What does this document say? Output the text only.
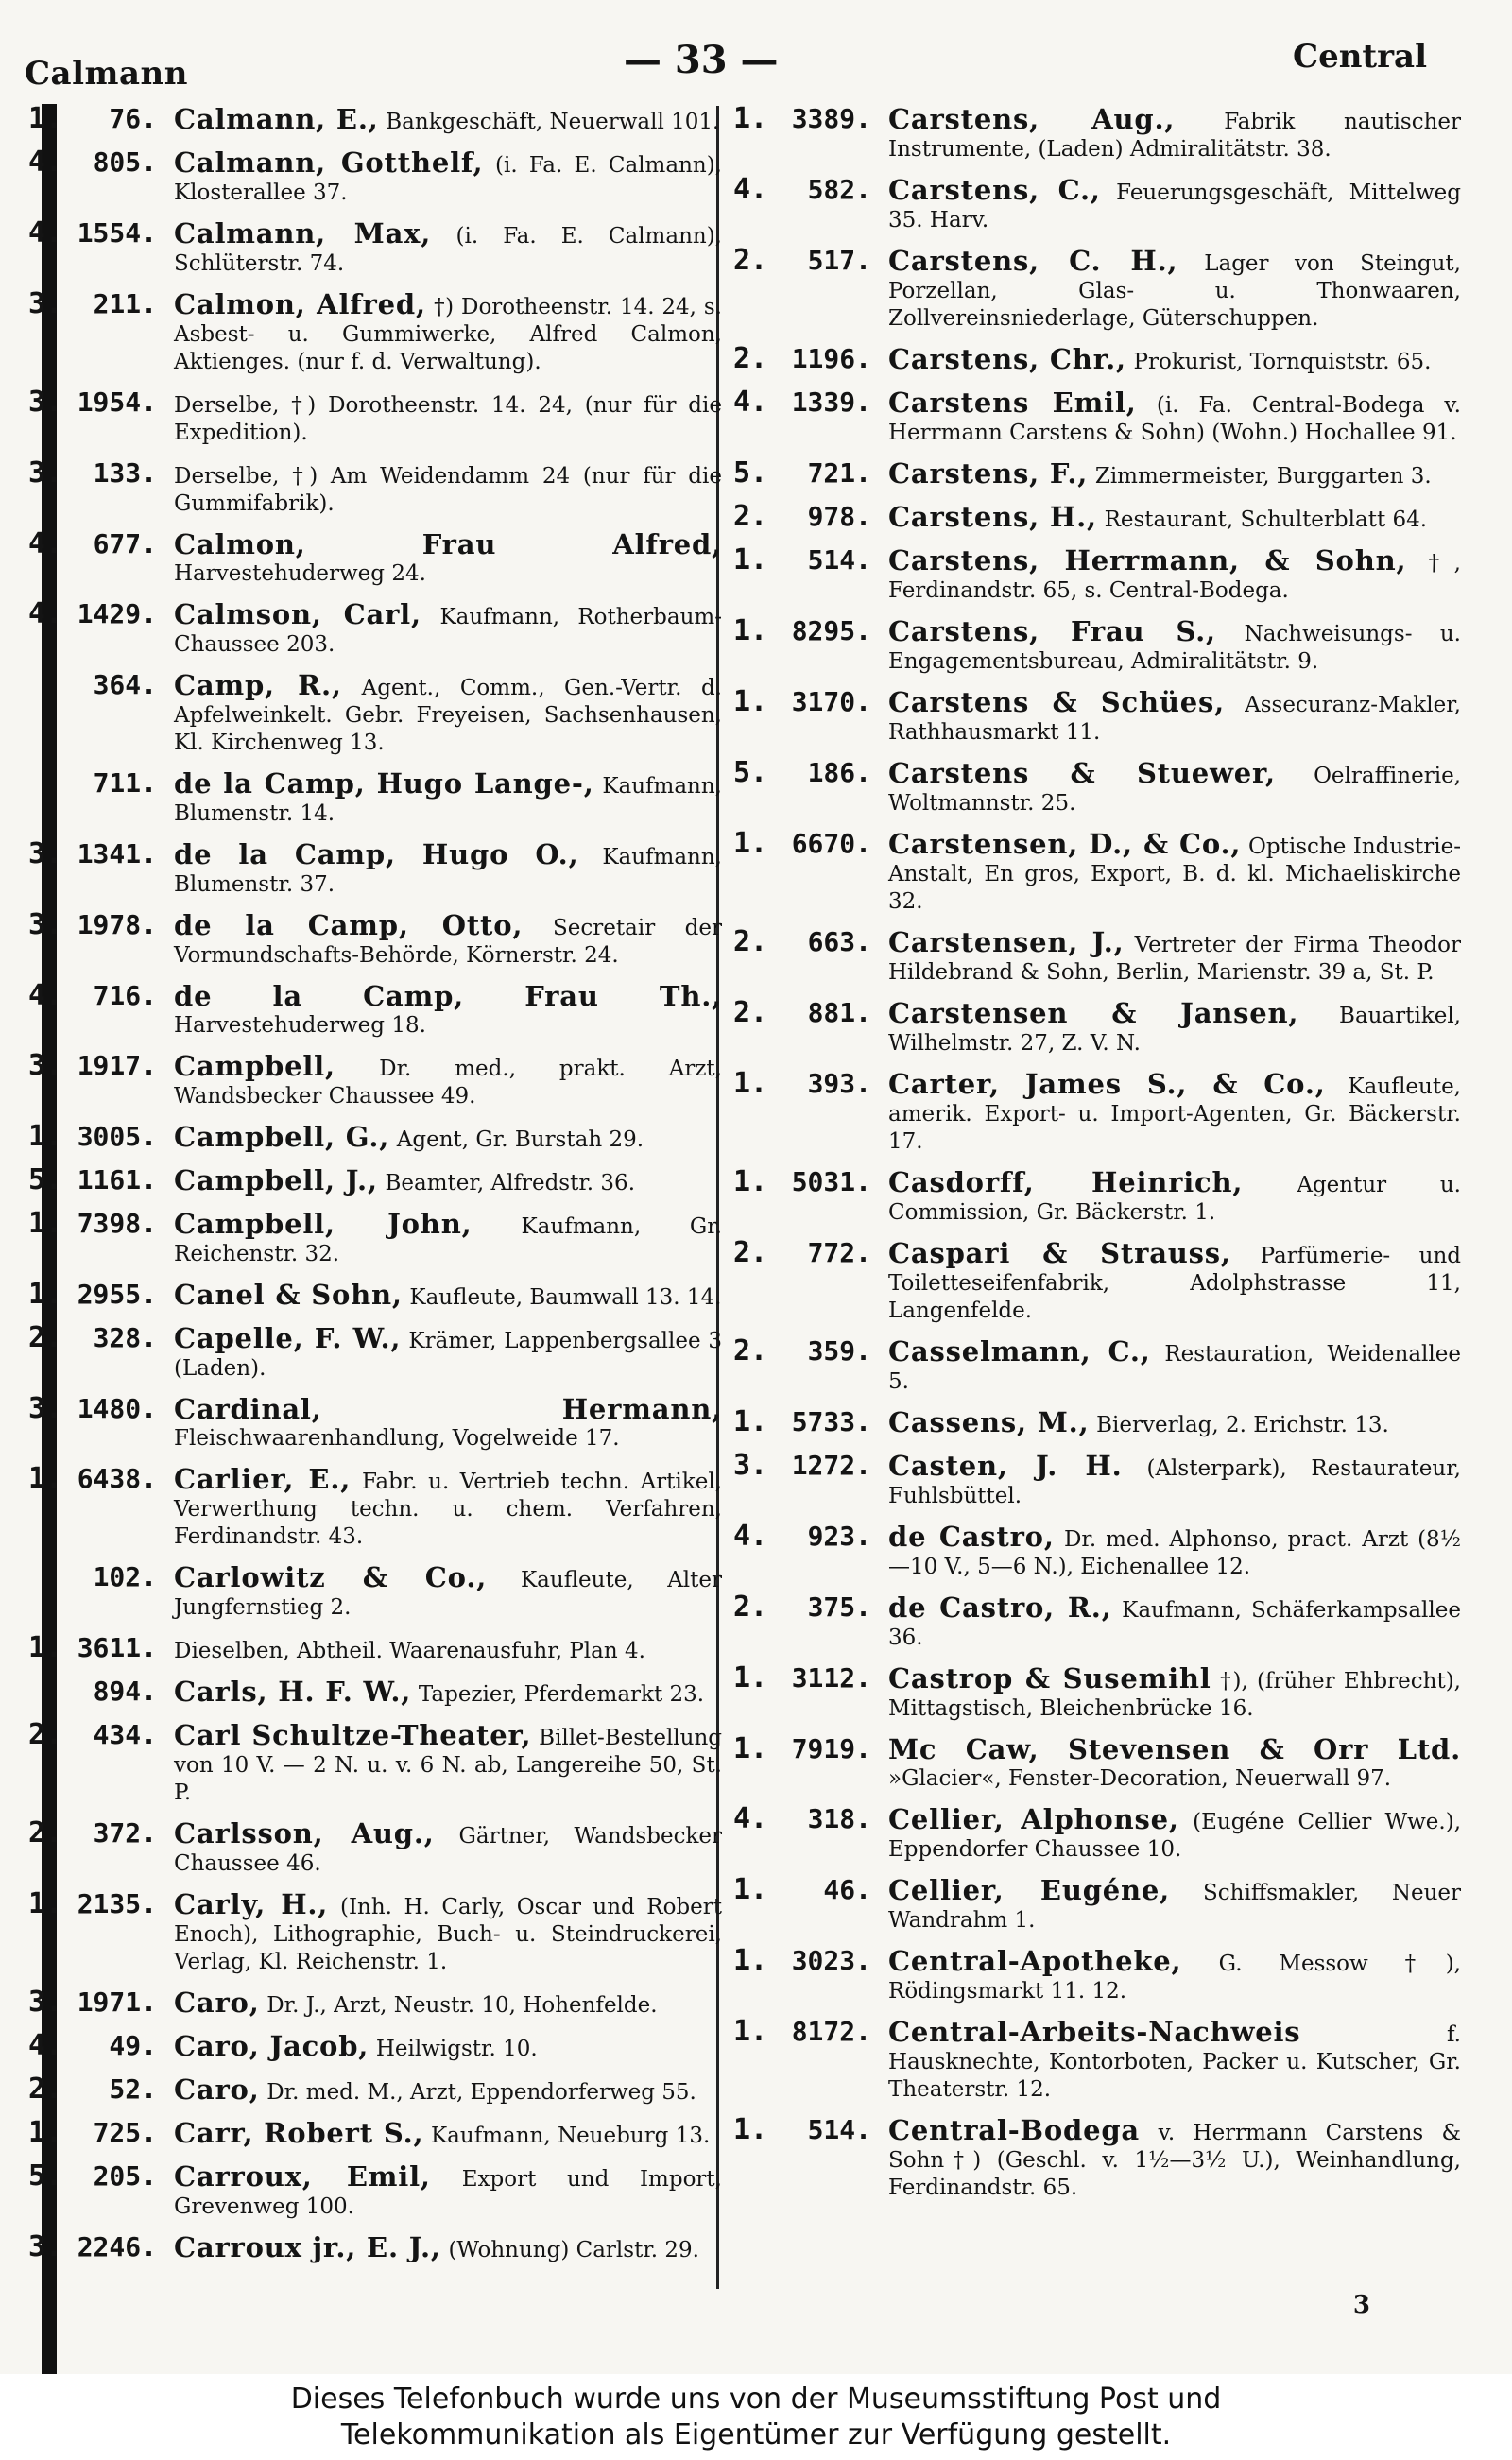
Calmann	— 33 —	Central
1.	76. Calmann, E., Bankgeschäft, Neuerwall 101.
4.	805. Calmann, Gotthelf, (i. Fa. E. Calmann), Klosterallee 37.
4. 1554. Calmann, Max, (i. Fa. E. Calmann), Schlüterstr. 74.
3.	211. Calmon, Alfred, †) Dorotheenstr. 14. 24, s. Asbest- u. Gummiwerke, Alfred Calmon, Aktienges. (nur f. d. Verwaltung).
3. 1954. Derselbe, †) Dorotheenstr. 14. 24, (nur für die Expedition).
3.	133. Derselbe, †) Am Weidendamm 24 (nur für die Gummifabrik).
4.	677. Calmon, Frau Alfred, Harvestehuderweg 24.
4. 1429. Calmson, Carl, Kaufmann, Rotherbaum-Chaussee 203.
364. Camp, R., Agent., Comm., Gen.-Vertr. d. Apfelweinkelt. Gebr. Freyeisen, Sachsenhausen, Kl. Kirchenweg 13.
711. de la Camp, Hugo Lange-, Kaufmann, Blumenstr. 14.
3. 1341. de la Camp, Hugo O., Kaufmann, Blumenstr. 37.
3. 1978. de la Camp, Otto, Secretair der Vormundschafts-Behörde, Körnerstr. 24.
4.	716. de la Camp, Frau Th., Harvestehuderweg 18.
3. 1917. Campbell, Dr. med., prakt. Arzt, Wandsbecker Chaussee 49.
1. 3005. Campbell, G., Agent, Gr. Burstah 29.
5. 1161. Campbell, J., Beamter, Alfredstr. 36.
1. 7398. Campbell, John, Kaufmann, Gr. Reichenstr. 32.
1. 2955. Canel & Sohn, Kaufleute, Baumwall 13. 14.
2.	328. Capelle, F. W., Krämer, Lappenbergsallee 3 (Laden).
3. 1480. Cardinal, Hermann, Fleischwaarenhandlung, Vogelweide 17.
1. 6438. Carlier, E., Fabr. u. Vertrieb techn. Artikel, Verwerthung techn. u. chem. Verfahren, Ferdinandstr. 43.
102. Carlowitz & Co., Kaufleute, Alter Jungfernstieg 2.
1. 3611. Dieselben, Abtheil. Waarenausfuhr, Plan 4.
894. Carls, H. F. W., Tapezier, Pferdemarkt 23.
2.	434. Carl Schultze-Theater, Billet-Bestellung von 10 V. — 2 N. u. v. 6 N. ab, Langereihe 50, St. P.
2.	372. Carlsson, Aug., Gärtner, Wandsbecker Chaussee 46.
1. 2135. Carly, H., (Inh. H. Carly, Oscar und Robert Enoch), Lithographie, Buch- u. Steindruckerei, Verlag, Kl. Reichenstr. 1.
3. 1971. Caro, Dr. J., Arzt, Neustr. 10, Hohenfelde.
4.	49. Caro, Jacob, Heilwigstr. 10.
2.	52. Caro, Dr. med. M., Arzt, Eppendorferweg 55.
1.	725. Carr, Robert S., Kaufmann, Neueburg 13.
5.	205. Carroux, Emil, Export und Import, Grevenweg 100.
3. 2246. Carroux jr., E. J., (Wohnung) Carlstr. 29.
1. 3389. Carstens, Aug., Fabrik nautischer Instrumente, (Laden) Admiralitätstr. 38.
4.	582. Carstens, C., Feuerungsgeschäft, Mittelweg 35. Harv.
2.	517. Carstens, C. H., Lager von Steingut, Porzellan, Glas- u. Thonwaaren, Zollvereinsniederlage, Güterschuppen.
2. 1196. Carstens, Chr., Prokurist, Tornquiststr. 65.
4. 1339. Carstens Emil, (i. Fa. Central-Bodega v. Herrmann Carstens & Sohn) (Wohn.) Hochallee 91.
5.	721. Carstens, F., Zimmermeister, Burggarten 3.
2.	978. Carstens, H., Restaurant, Schulterblatt 64.
1.	514. Carstens, Herrmann, & Sohn, †, Ferdinandstr. 65, s. Central-Bodega.
1. 8295. Carstens, Frau S., Nachweisungs- u. Engagementsbureau, Admiralitätstr. 9.
1. 3170. Carstens & Schües, Assecuranz-Makler, Rathhausmarkt 11.
5.	186. Carstens & Stuewer, Oelraffinerie, Woltmannstr. 25.
1. 6670. Carstensen, D., & Co., Optische Industrie-Anstalt, En gros, Export, B. d. kl. Michaeliskirche 32.
2.	663. Carstensen, J., Vertreter der Firma Theodor Hildebrand & Sohn, Berlin, Marienstr. 39 a, St. P.
2.	881. Carstensen & Jansen, Bauartikel, Wilhelmstr. 27, Z. V. N.
1.	393. Carter, James S., & Co., Kaufleute, amerik. Export- u. Import-Agenten, Gr. Bäckerstr. 17.
1. 5031. Casdorff, Heinrich, Agentur u. Commission, Gr. Bäckerstr. 1.
2.	772. Caspari & Strauss, Parfümerie- und Toiletteseifenfabrik, Adolphstrasse 11, Langenfelde.
2.	359. Casselmann, C., Restauration, Weidenallee 5.
1. 5733. Cassens, M., Bierverlag, 2. Erichstr. 13.
3. 1272. Casten, J. H. (Alsterpark), Restaurateur, Fuhlsbüttel.
4.	923. de Castro, Dr. med. Alphonso, pract. Arzt (8½—10 V., 5—6 N.), Eichenallee 12.
2.	375. de Castro, R., Kaufmann, Schäferkampsallee 36.
1. 3112. Castrop & Susemihl †), (früher Ehbrecht), Mittagstisch, Bleichenbrücke 16.
1. 7919. Mc Caw, Stevensen & Orr Ltd. »Glacier«, Fenster-Decoration, Neuerwall 97.
4.	318. Cellier, Alphonse, (Eugéne Cellier Wwe.), Eppendorfer Chaussee 10.
1.	46. Cellier, Eugéne, Schiffsmakler, Neuer Wandrahm 1.
1. 3023. Central-Apotheke, G. Messow †), Rödingsmarkt 11. 12.
1. 8172. Central-Arbeits-Nachweis	f. Hausknechte, Kontorboten, Packer u. Kutscher, Gr. Theaterstr. 12.
1.	514. Central-Bodega v. Herrmann Carstens & Sohn†) (Geschl. v. 1½—3½ U.), Weinhandlung, Ferdinandstr. 65.
3
Dieses Telefonbuch wurde uns von der Museumsstiftung Post und
Telekommunikation als Eigentümer zur Verfügung gestellt.
